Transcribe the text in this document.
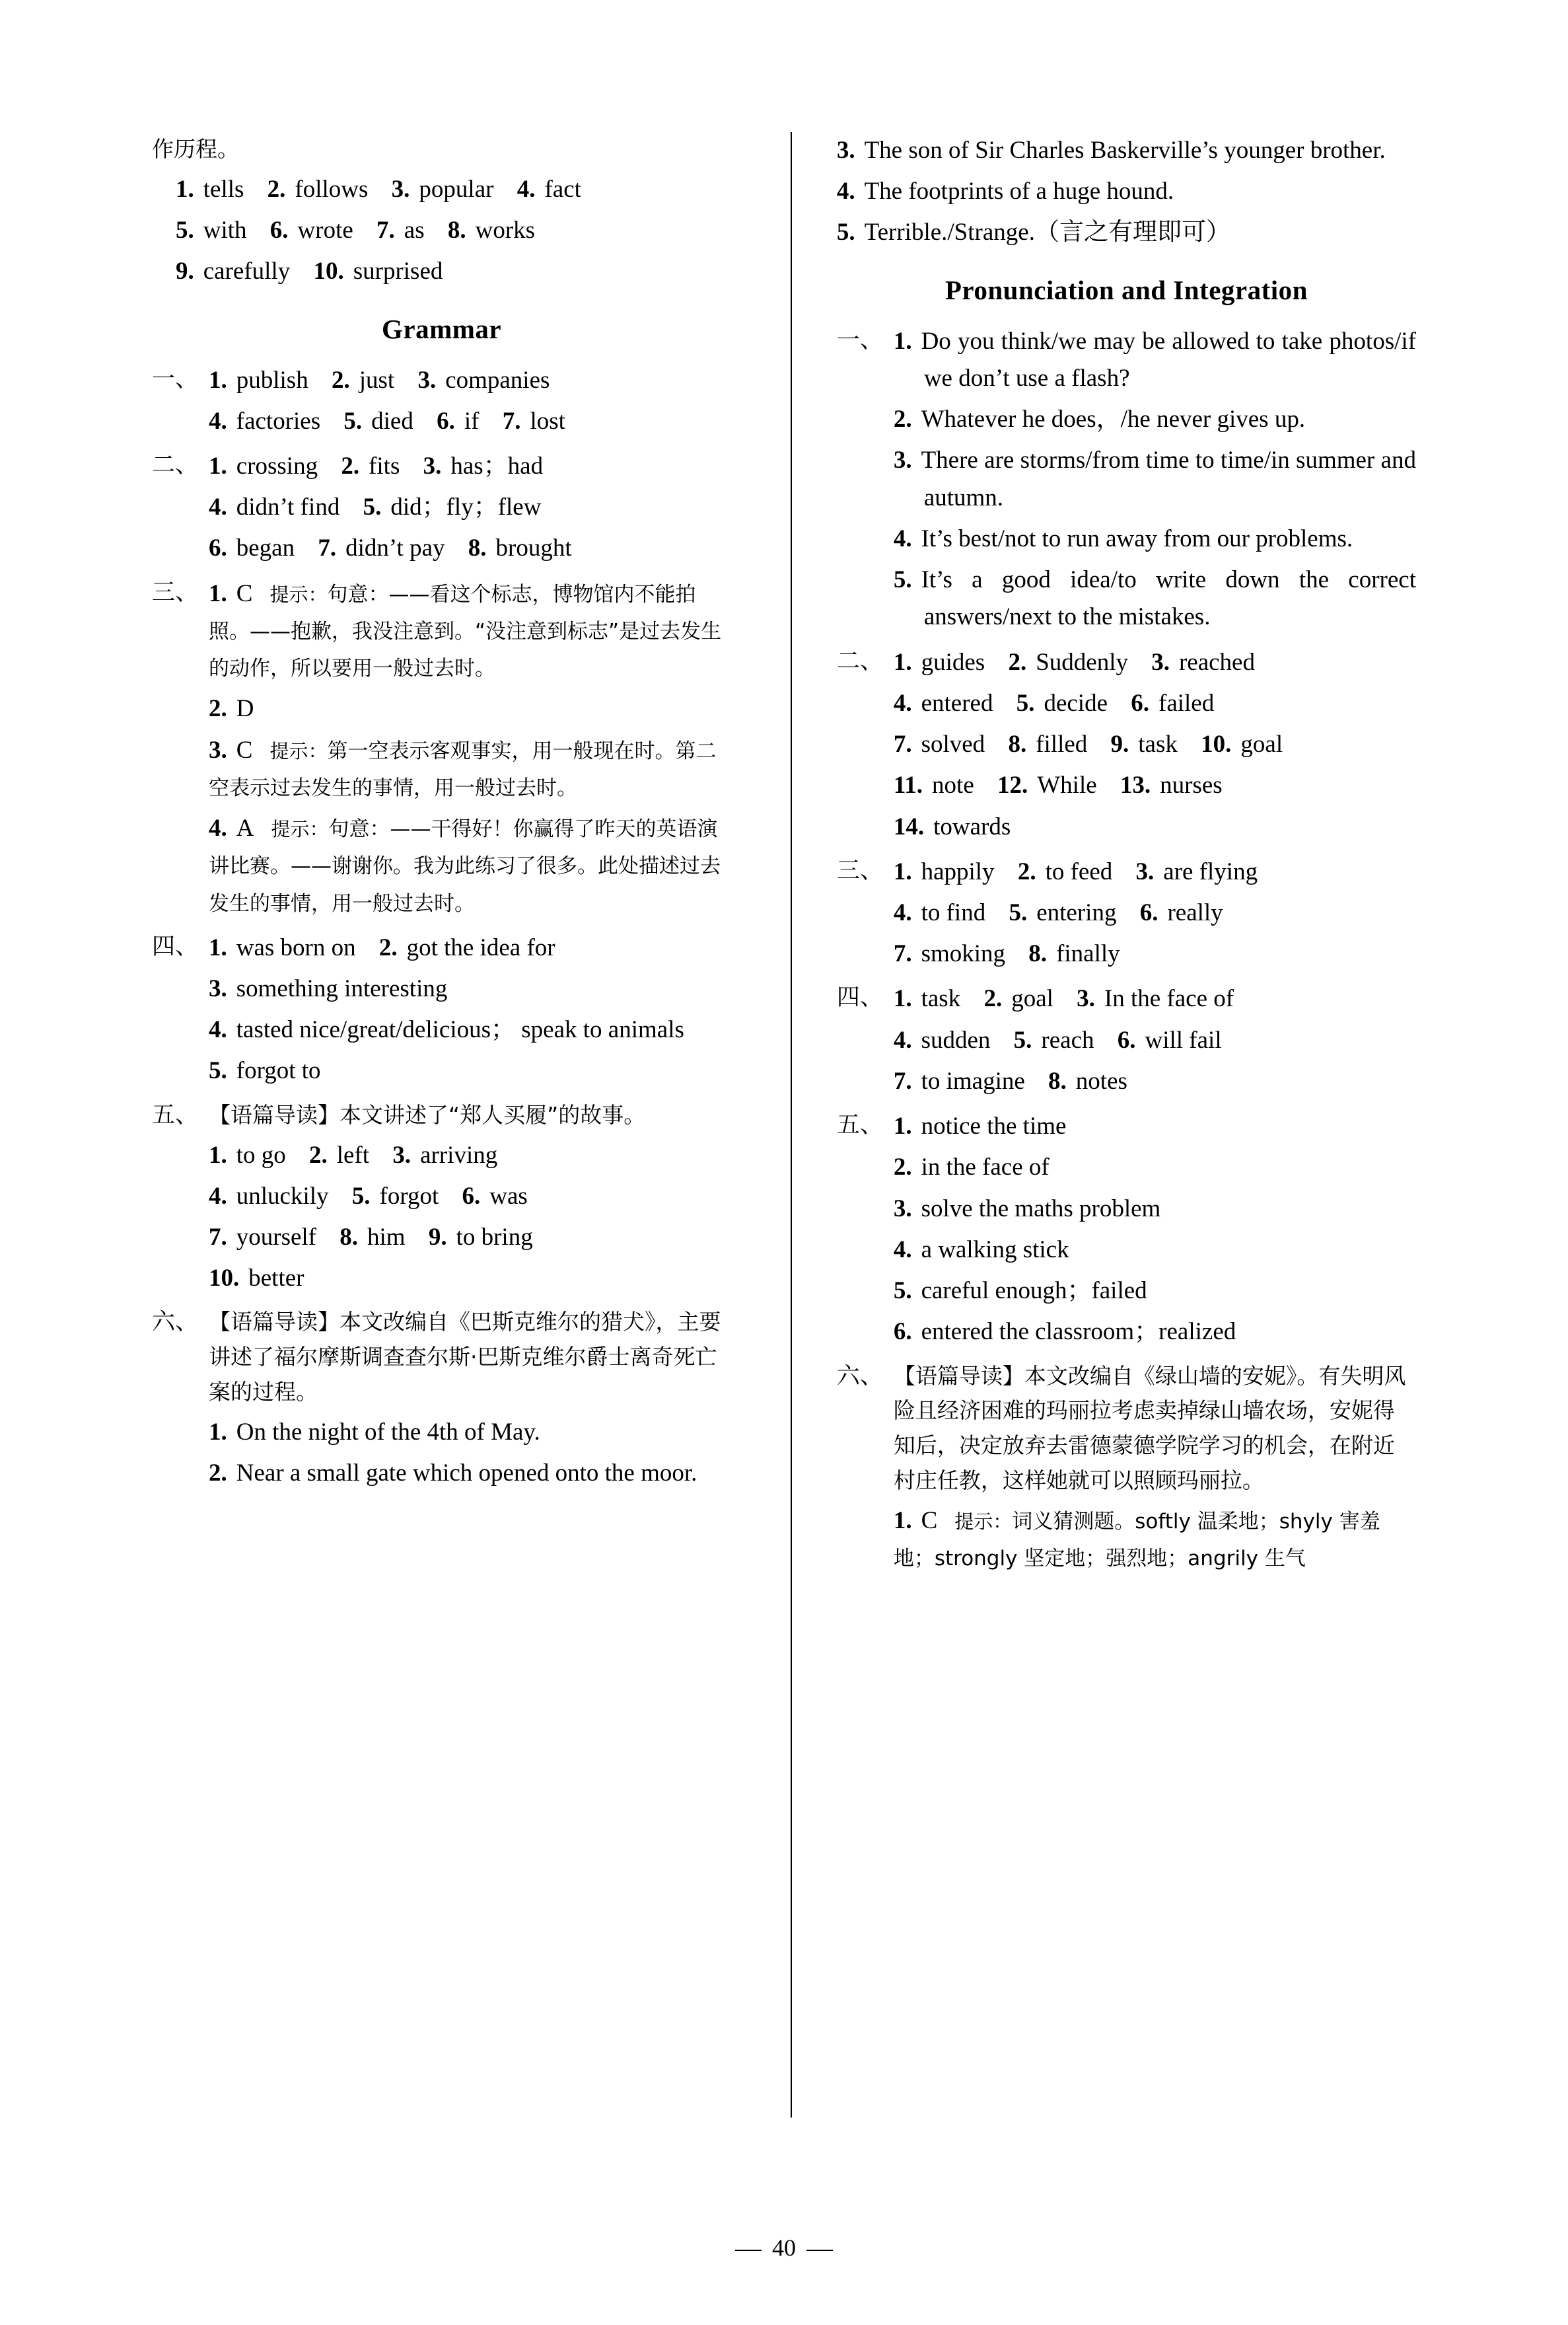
作历程。
1. tells 2. follows 3. popular 4. fact
5. with 6. wrote 7. as 8. works
9. carefully 10. surprised
Grammar
一、 1. publish 2. just 3. companies
4. factories 5. died 6. if 7. lost
二、 1. crossing 2. fits 3. has；had
4. didn’t find 5. did；fly；flew
6. began 7. didn’t pay 8. brought
三、 1. C 提示：句意：——看这个标志，博物馆内不能拍照。——抱歉，我没注意到。“没注意到标志”是过去发生的动作，所以要用一般过去时。
2. D
3. C 提示：第一空表示客观事实，用一般现在时。第二空表示过去发生的事情，用一般过去时。
4. A 提示：句意：——干得好！你赢得了昨天的英语演讲比赛。——谢谢你。我为此练习了很多。此处描述过去发生的事情，用一般过去时。
四、 1. was born on 2. got the idea for
3. something interesting
4. tasted nice/great/delicious； speak to animals
5. forgot to
五、 【语篇导读】本文讲述了“郑人买履”的故事。
1. to go 2. left 3. arriving
4. unluckily 5. forgot 6. was
7. yourself 8. him 9. to bring
10. better
六、 【语篇导读】本文改编自《巴斯克维尔的猎犬》，主要讲述了福尔摩斯调查查尔斯·巴斯克维尔爵士离奇死亡案的过程。
1. On the night of the 4th of May.
2. Near a small gate which opened onto the moor.
3. The son of Sir Charles Baskerville’s younger brother.
4. The footprints of a huge hound.
5. Terrible./Strange.（言之有理即可）
Pronunciation and Integration
一、 1. Do you think/we may be allowed to take photos/if we don’t use a flash?
2. Whatever he does，/he never gives up.
3. There are storms/from time to time/in summer and autumn.
4. It’s best/not to run away from our problems.
5. It’s a good idea/to write down the correct answers/next to the mistakes.
二、 1. guides 2. Suddenly 3. reached
4. entered 5. decide 6. failed
7. solved 8. filled 9. task 10. goal
11. note 12. While 13. nurses
14. towards
三、 1. happily 2. to feed 3. are flying
4. to find 5. entering 6. really
7. smoking 8. finally
四、 1. task 2. goal 3. In the face of
4. sudden 5. reach 6. will fail
7. to imagine 8. notes
五、 1. notice the time
2. in the face of
3. solve the maths problem
4. a walking stick
5. careful enough；failed
6. entered the classroom；realized
六、 【语篇导读】本文改编自《绿山墙的安妮》。有失明风险且经济困难的玛丽拉考虑卖掉绿山墙农场，安妮得知后，决定放弃去雷德蒙德学院学习的机会，在附近村庄任教，这样她就可以照顾玛丽拉。
1. C 提示：词义猜测题。softly 温柔地；shyly 害羞地；strongly 坚定地；强烈地；angrily 生气
40
